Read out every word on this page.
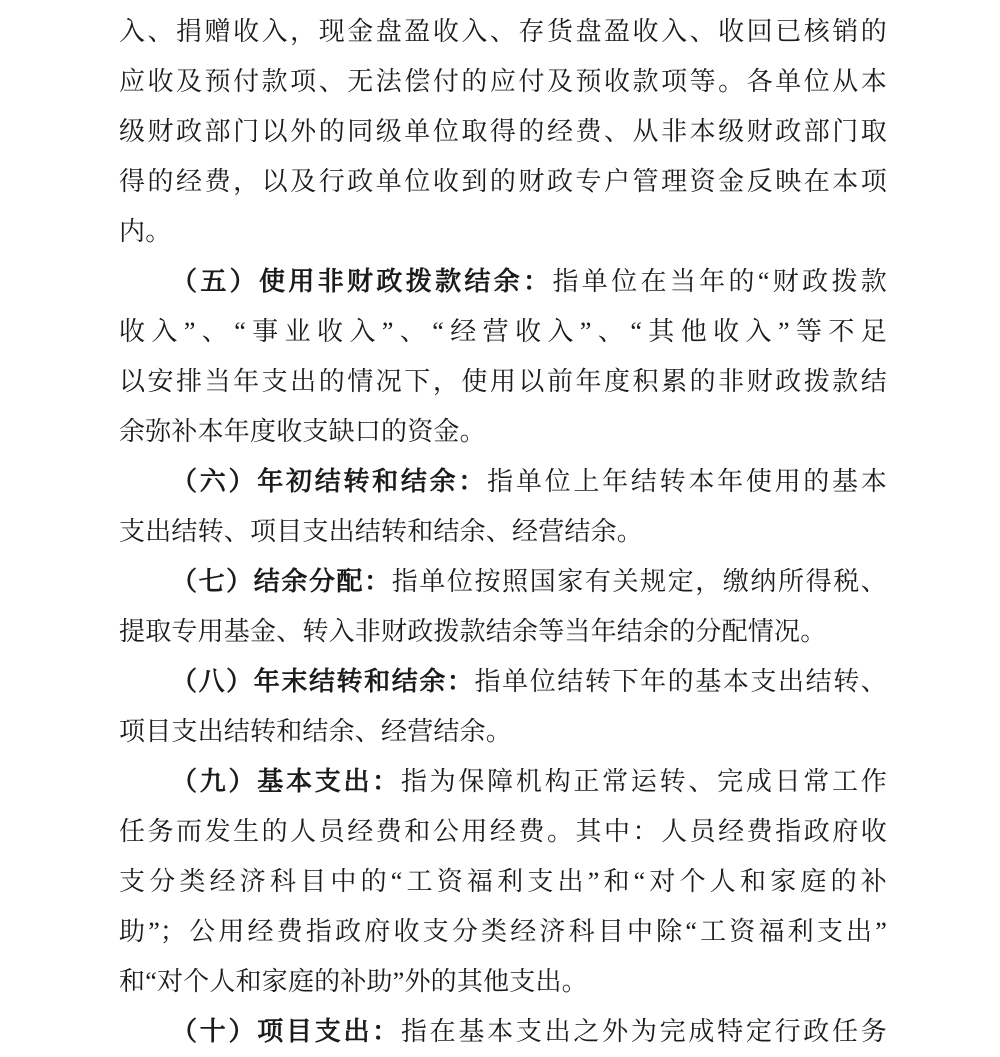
入、捐赠收入，现金盘盈收入、存货盘盈收入、收回已核销的
应收及预付款项、无法偿付的应付及预收款项等。各单位从本
级财政部门以外的同级单位取得的经费、从非本级财政部门取
得的经费，以及行政单位收到的财政专户管理资金反映在本项
内。
（五）使用非财政拨款结余：指单位在当年的“财政拨款
收入”、“事业收入”、“经营收入”、“其他收入”等不足
以安排当年支出的情况下，使用以前年度积累的非财政拨款结
余弥补本年度收支缺口的资金。
（六）年初结转和结余：指单位上年结转本年使用的基本
支出结转、项目支出结转和结余、经营结余。
（七）结余分配：指单位按照国家有关规定，缴纳所得税、
提取专用基金、转入非财政拨款结余等当年结余的分配情况。
（八）年末结转和结余：指单位结转下年的基本支出结转、
项目支出结转和结余、经营结余。
（九）基本支出：指为保障机构正常运转、完成日常工作
任务而发生的人员经费和公用经费。其中：人员经费指政府收
支分类经济科目中的“工资福利支出”和“对个人和家庭的补
助”；公用经费指政府收支分类经济科目中除“工资福利支出”
和“对个人和家庭的补助”外的其他支出。
（十）项目支出：指在基本支出之外为完成特定行政任务
